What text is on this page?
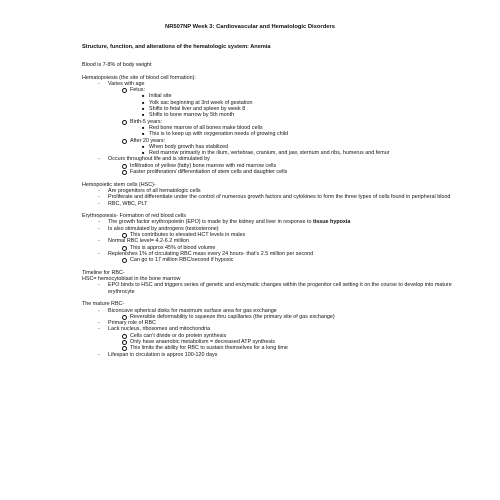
NR507NP Week 3: Cardiovascular and Hematologic Disorders
Structure, function, and alterations of the hematologic system: Anemia

Blood is 7-8% of body weight

Hematopoiesis (the site of blood cell formation):

- Varies with age
Fetus:
■ Initial site
■ Yolk sac beginning at 3rd week of gestation
■ Shifts to fetal liver and spleen by week 8
■ Shifts to bone marrow by 5th month
Birth-5 years:
■ Red bone marrow of all bones make blood cells
■ This is to keep up with oxygenation needs of growing child
After 20 years:
■ When body growth has stabilized
■ Red marrow primarily in the ilium, vertebrae, cranium, and jaw, sternum and ribs, humerus and femur
- Occurs throughout life and is stimulated by
Infiltration of yellow (fatty) bone marrow with red marrow cells
Faster proliferation/ differentiation of stem cells and daughter cells

Hemopoietic stem cells (HSC)-

- Are progenitors of all hematologic cells
- Proliferate and differentiate under the control of numerous growth factors and cytokines to form the three types of cells found in peripheral blood
- RBC, WBC, PLT

Erythropoiesis- Formation of red blood cells

- The growth factor erythropoietin (EPO) is made by the kidney and liver in response to tissue hypoxia
- Is also stimulated by androgens (testosterone)
This contributes to elevated HCT levels in males
- Normal RBC level= 4.2-6.2 million
This is approx 45% of blood volume
- Replenishes 1% of circulating RBC mass every 24 hours- that’s 2.5 million per second
Can go to 17 million RBC/second if hypoxic

Timeline for RBC-

HSC= hemocytoblast in the bone marrow

- EPO binds to HSC and triggers series of genetic and enzymatic changes within the progenitor cell setting it on the course to develop into mature erythrocyte

The mature RBC-

- Biconcave spherical disks for maximum surface area for gas exchange
Reversible deformability to squeeze thru capillaries (the primary site of gas exchange)
- Primary role of RBC
- Lack nucleus, ribosomes and mitochondria
Cells can’t divide or do protein synthesis
Only have anaerobic metabolism = decreased ATP synthesis
This limits the ability for RBC to sustain themselves for a long time
- Lifespan in circulation is approx 100-120 days
